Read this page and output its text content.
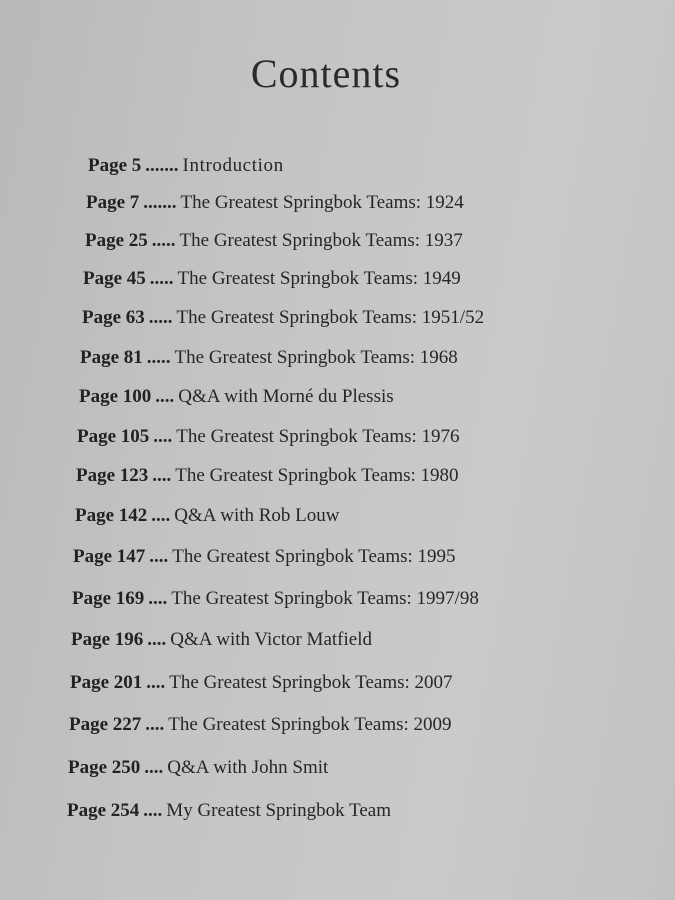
Contents
Page 5 ....... Introduction
Page 7 ....... The Greatest Springbok Teams: 1924
Page 25 ..... The Greatest Springbok Teams: 1937
Page 45 ..... The Greatest Springbok Teams: 1949
Page 63 ..... The Greatest Springbok Teams: 1951/52
Page 81 ..... The Greatest Springbok Teams: 1968
Page 100 .... Q&A with Morné du Plessis
Page 105 .... The Greatest Springbok Teams: 1976
Page 123 .... The Greatest Springbok Teams: 1980
Page 142 .... Q&A with Rob Louw
Page 147 .... The Greatest Springbok Teams: 1995
Page 169 .... The Greatest Springbok Teams: 1997/98
Page 196 .... Q&A with Victor Matfield
Page 201 .... The Greatest Springbok Teams: 2007
Page 227 .... The Greatest Springbok Teams: 2009
Page 250 .... Q&A with John Smit
Page 254 .... My Greatest Springbok Team
